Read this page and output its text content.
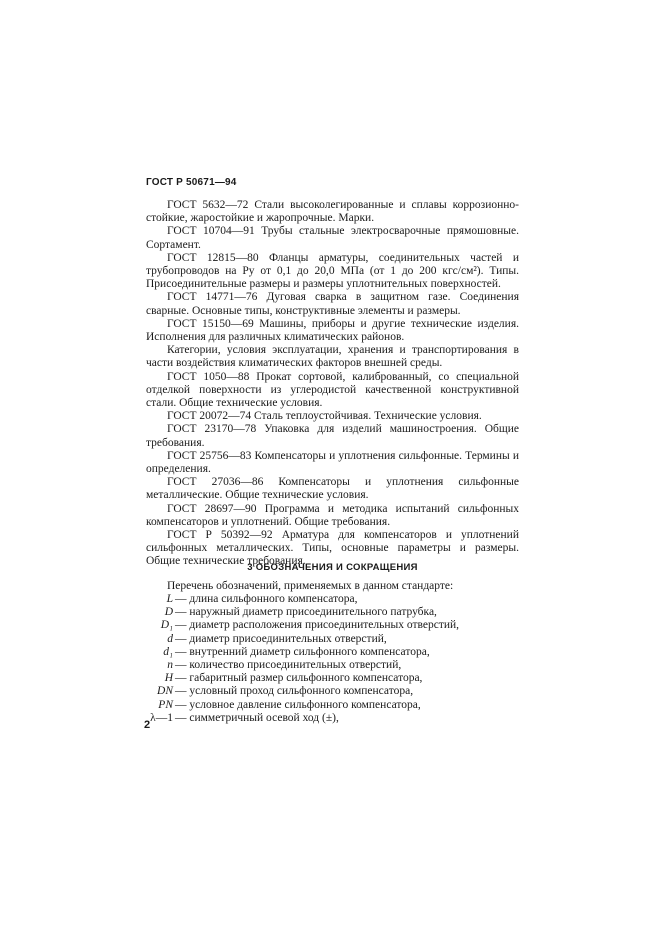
ГОСТ Р 50671—94

ГОСТ 5632—72 Стали высоколегированные и сплавы коррозионно-стойкие, жаростойкие и жаропрочные. Марки.

ГОСТ 10704—91 Трубы стальные электросварочные прямошовные. Сортамент.

ГОСТ 12815—80 Фланцы арматуры, соединительных частей и трубопроводов на Ру от 0,1 до 20,0 МПа (от 1 до 200 кгс/см²). Типы. Присоединительные размеры и размеры уплотнительных поверхностей.

ГОСТ 14771—76 Дуговая сварка в защитном газе. Соединения сварные. Основные типы, конструктивные элементы и размеры.

ГОСТ 15150—69 Машины, приборы и другие технические изделия. Исполнения для различных климатических районов.

Категории, условия эксплуатации, хранения и транспортирования в части воздействия климатических факторов внешней среды.

ГОСТ 1050—88 Прокат сортовой, калиброванный, со специальной отделкой поверхности из углеродистой качественной конструктивной стали. Общие технические условия.

ГОСТ 20072—74 Сталь теплоустойчивая. Технические условия.

ГОСТ 23170—78 Упаковка для изделий машиностроения. Общие требования.

ГОСТ 25756—83 Компенсаторы и уплотнения сильфонные. Термины и определения.

ГОСТ 27036—86 Компенсаторы и уплотнения сильфонные металлические. Общие технические условия.

ГОСТ 28697—90 Программа и методика испытаний сильфонных компенсаторов и уплотнений. Общие требования.

ГОСТ Р 50392—92 Арматура для компенсаторов и уплотнений сильфонных металлических. Типы, основные параметры и размеры. Общие технические требования.

3 ОБОЗНАЧЕНИЯ И СОКРАЩЕНИЯ
Перечень обозначений, применяемых в данном стандарте:
L — длина сильфонного компенсатора,
D — наружный диаметр присоединительного патрубка,
D₁ — диаметр расположения присоединительных отверстий,
d — диаметр присоединительных отверстий,
d₁ — внутренний диаметр сильфонного компенсатора,
n — количество присоединительных отверстий,
H — габаритный размер сильфонного компенсатора,
DN — условный проход сильфонного компенсатора,
PN — условное давление сильфонного компенсатора,
λ—1 — симметричный осевой ход (±),
2
